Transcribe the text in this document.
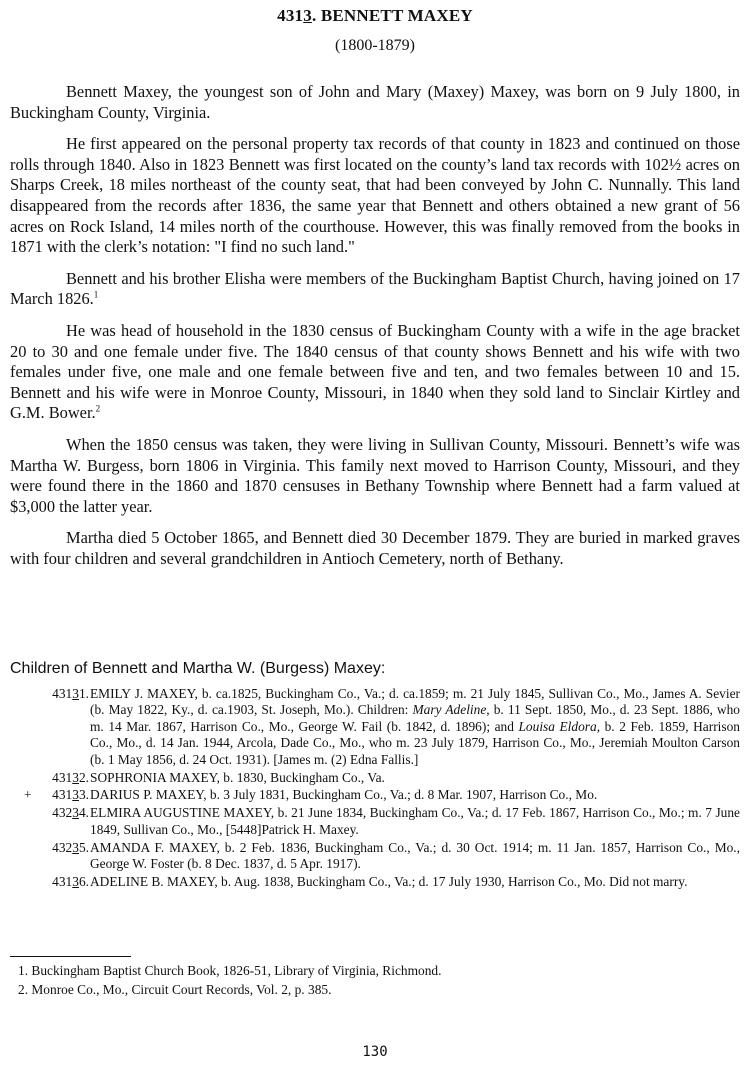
4313. BENNETT MAXEY
(1800-1879)

Bennett Maxey, the youngest son of John and Mary (Maxey) Maxey, was born on 9 July 1800, in Buckingham County, Virginia.

He first appeared on the personal property tax records of that county in 1823 and continued on those rolls through 1840. Also in 1823 Bennett was first located on the county’s land tax records with 102½ acres on Sharps Creek, 18 miles northeast of the county seat, that had been conveyed by John C. Nunnally. This land disappeared from the records after 1836, the same year that Bennett and others obtained a new grant of 56 acres on Rock Island, 14 miles north of the courthouse. However, this was finally removed from the books in 1871 with the clerk’s notation: "I find no such land."

Bennett and his brother Elisha were members of the Buckingham Baptist Church, having joined on 17 March 1826.$^1$

He was head of household in the 1830 census of Buckingham County with a wife in the age bracket 20 to 30 and one female under five. The 1840 census of that county shows Bennett and his wife with two females under five, one male and one female between five and ten, and two females between 10 and 15. Bennett and his wife were in Monroe County, Missouri, in 1840 when they sold land to Sinclair Kirtley and G.M. Bower.$^2$

When the 1850 census was taken, they were living in Sullivan County, Missouri. Bennett’s wife was Martha W. Burgess, born 1806 in Virginia. This family next moved to Harrison County, Missouri, and they were found there in the 1860 and 1870 censuses in Bethany Township where Bennett had a farm valued at $3,000 the latter year.

Martha died 5 October 1865, and Bennett died 30 December 1879. They are buried in marked graves with four children and several grandchildren in Antioch Cemetery, north of Bethany.

Children of Bennett and Martha W. (Burgess) Maxey:
43131. EMILY J. MAXEY, b. ca.1825, Buckingham Co., Va.; d. ca.1859; m. 21 July 1845, Sullivan Co., Mo., James A. Sevier (b. May 1822, Ky., d. ca.1903, St. Joseph, Mo.). Children: Mary Adeline, b. 11 Sept. 1850, Mo., d. 23 Sept. 1886, who m. 14 Mar. 1867, Harrison Co., Mo., George W. Fail (b. 1842, d. 1896); and Louisa Eldora, b. 2 Feb. 1859, Harrison Co., Mo., d. 14 Jan. 1944, Arcola, Dade Co., Mo., who m. 23 July 1879, Harrison Co., Mo., Jeremiah Moulton Carson (b. 1 May 1856, d. 24 Oct. 1931). [James m. (2) Edna Fallis.]
43132. SOPHRONIA MAXEY, b. 1830, Buckingham Co., Va.
+	43133. DARIUS P. MAXEY, b. 3 July 1831, Buckingham Co., Va.; d. 8 Mar. 1907, Harrison Co., Mo.
43234. ELMIRA AUGUSTINE MAXEY, b. 21 June 1834, Buckingham Co., Va.; d. 17 Feb. 1867, Harrison Co., Mo.; m. 7 June 1849, Sullivan Co., Mo., [5448]Patrick H. Maxey.
43235. AMANDA F. MAXEY, b. 2 Feb. 1836, Buckingham Co., Va.; d. 30 Oct. 1914; m. 11 Jan. 1857, Harrison Co., Mo., George W. Foster (b. 8 Dec. 1837, d. 5 Apr. 1917).
43136. ADELINE B. MAXEY, b. Aug. 1838, Buckingham Co., Va.; d. 17 July 1930, Harrison Co., Mo. Did not marry.
1. Buckingham Baptist Church Book, 1826-51, Library of Virginia, Richmond.
2. Monroe Co., Mo., Circuit Court Records, Vol. 2, p. 385.
130
